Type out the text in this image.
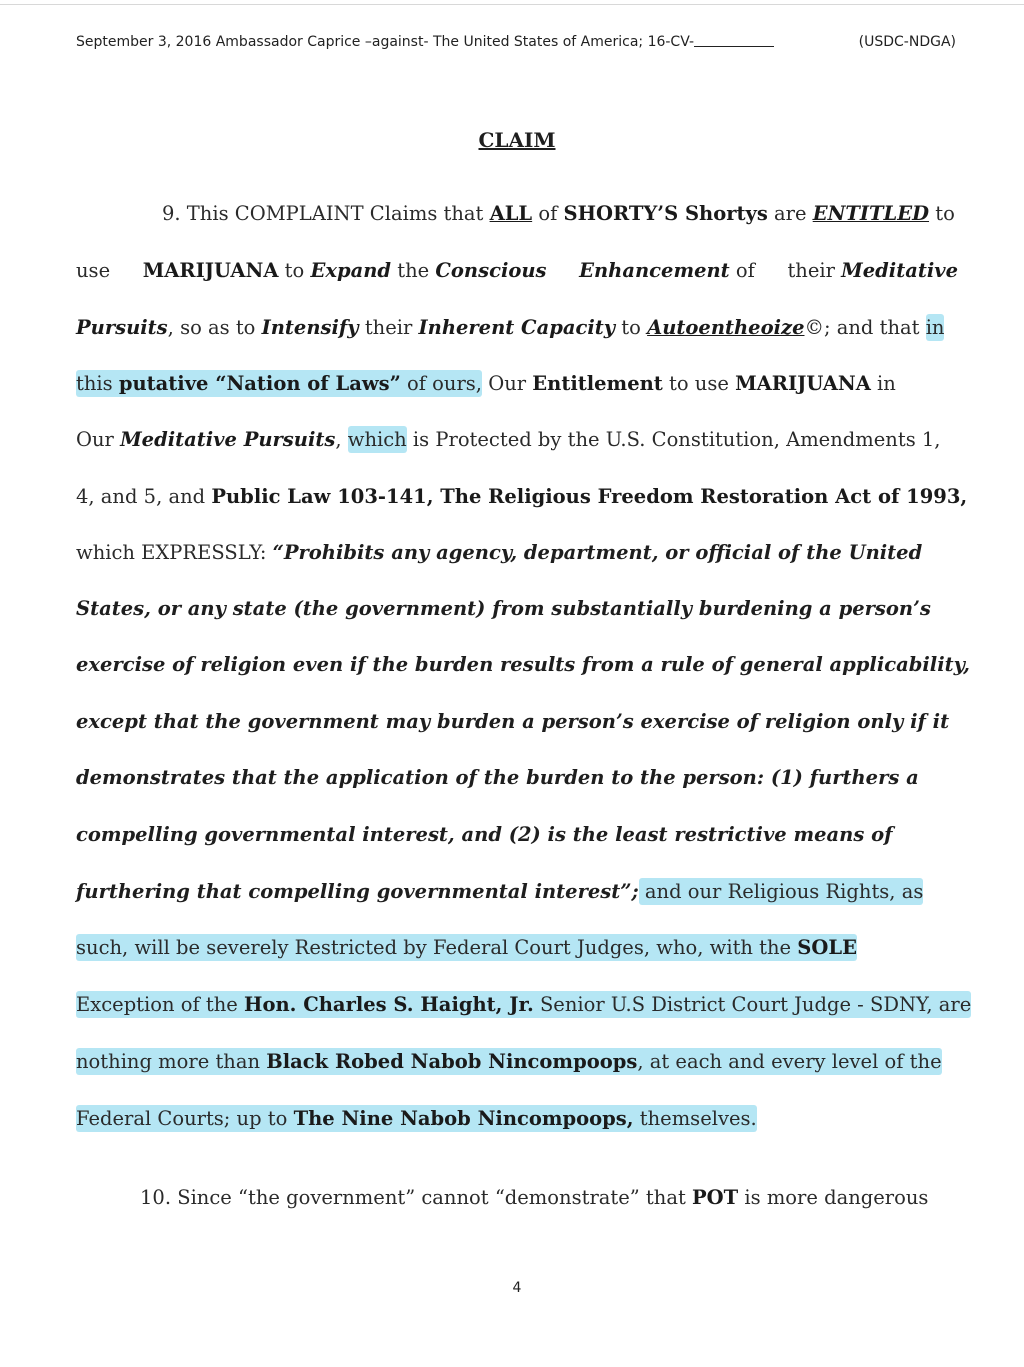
September 3, 2016 Ambassador Caprice –against- The United States of America; 16-CV-	(USDC-NDGA)
CLAIM
9. This COMPLAINT Claims that ALL of SHORTY’S Shortys are ENTITLED to
use MARIJUANA to Expand the Conscious Enhancement of their Meditative
Pursuits, so as to Intensify their Inherent Capacity to Autoentheoize©; and that in
this putative “Nation of Laws” of ours, Our Entitlement to use MARIJUANA in
Our Meditative Pursuits, which is Protected by the U.S. Constitution, Amendments 1,
4, and 5, and Public Law 103-141, The Religious Freedom Restoration Act of 1993,
which EXPRESSLY: “Prohibits any agency, department, or official of the United
States, or any state (the government) from substantially burdening a person’s
exercise of religion even if the burden results from a rule of general applicability,
except that the government may burden a person’s exercise of religion only if it
demonstrates that the application of the burden to the person: (1) furthers a
compelling governmental interest, and (2) is the least restrictive means of
furthering that compelling governmental interest”; and our Religious Rights, as
such, will be severely Restricted by Federal Court Judges, who, with the SOLE
Exception of the Hon. Charles S. Haight, Jr. Senior U.S District Court Judge - SDNY, are
nothing more than Black Robed Nabob Nincompoops, at each and every level of the
Federal Courts; up to The Nine Nabob Nincompoops, themselves.
10. Since “the government” cannot “demonstrate” that POT is more dangerous
4
